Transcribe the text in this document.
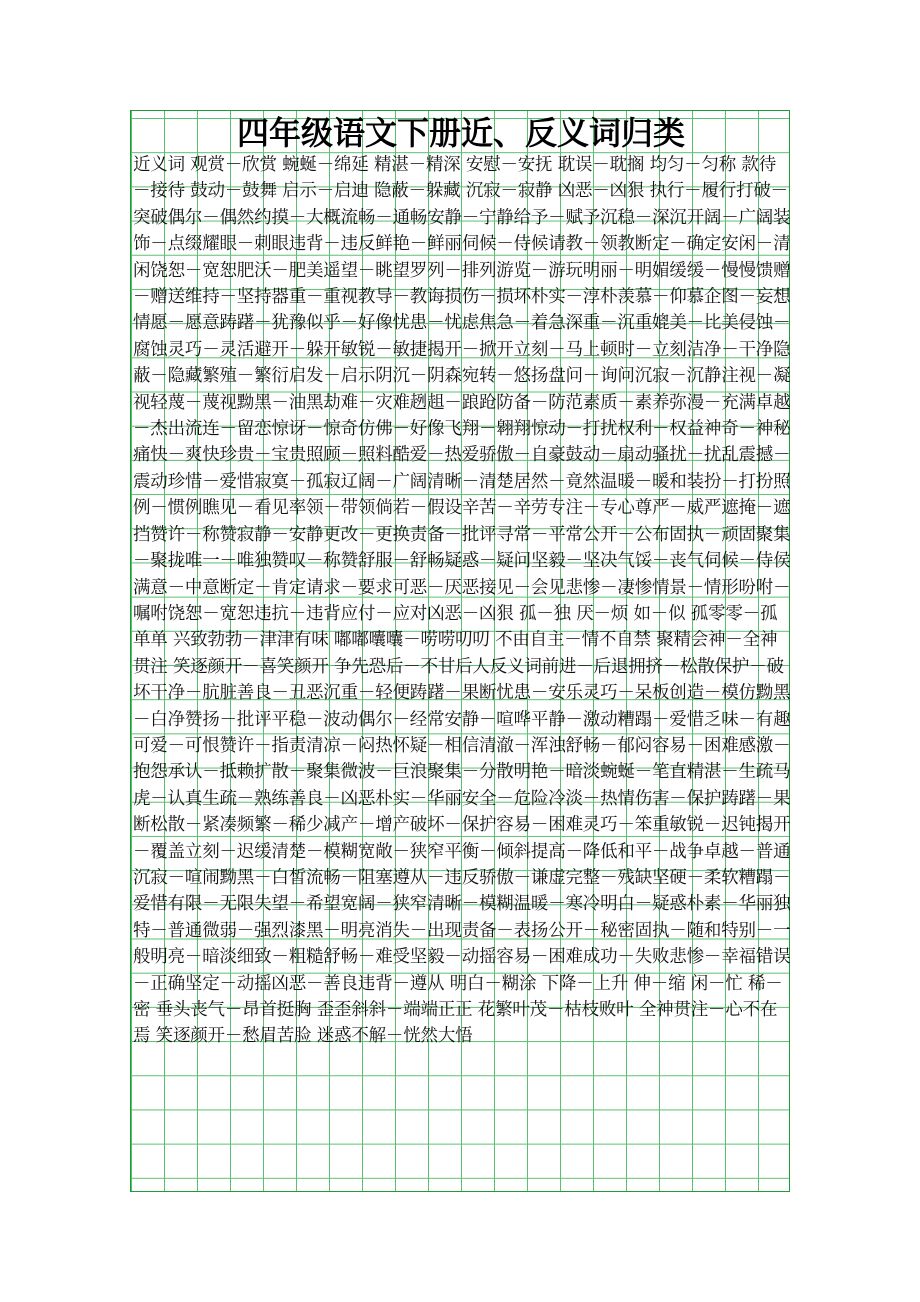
四年级语文下册近、反义词归类
近义词 观赏－欣赏 蜿蜒－绵延 精湛－精深 安慰－安抚 耽误－耽搁 均匀－匀称 款待－接待 鼓动－鼓舞 启示－启迪 隐蔽－躲藏 沉寂－寂静 凶恶－凶狠 执行－履行打破－突破偶尔－偶然约摸－大概流畅－通畅安静－宁静给予－赋予沉稳－深沉开阔－广阔装饰－点缀耀眼－刺眼违背－违反鲜艳－鲜丽伺候－侍候请教－领教断定－确定安闲－清闲饶恕－宽恕肥沃－肥美遥望－眺望罗列－排列游览－游玩明丽－明媚缓缓－慢慢馈赠－赠送维持－坚持器重－重视教导－教诲损伤－损坏朴实－淳朴羡慕－仰慕企图－妄想情愿－愿意踌躇－犹豫似乎－好像忧患－忧虑焦急－着急深重－沉重媲美－比美侵蚀－腐蚀灵巧－灵活避开－躲开敏锐－敏捷揭开－掀开立刻－马上顿时－立刻洁净－干净隐蔽－隐藏繁殖－繁衍启发－启示阴沉－阴森宛转－悠扬盘问－询问沉寂－沉静注视－凝视轻蔑－蔑视黝黑－油黑劫难－灾难趔趄－踉跄防备－防范素质－素养弥漫－充满卓越－杰出流连－留恋惊讶－惊奇仿佛－好像飞翔－翱翔惊动－打扰权利－权益神奇－神秘痛快－爽快珍贵－宝贵照顾－照料酷爱－热爱骄傲－自豪鼓动－扇动骚扰－扰乱震撼－震动珍惜－爱惜寂寞－孤寂辽阔－广阔清晰－清楚居然－竟然温暖－暖和装扮－打扮照例－惯例瞧见－看见率领－带领倘若－假设辛苦－辛劳专注－专心尊严－威严遮掩－遮挡赞许－称赞寂静－安静更改－更换责备－批评寻常－平常公开－公布固执－顽固聚集－聚拢唯一－唯独赞叹－称赞舒服－舒畅疑惑－疑问坚毅－坚决气馁－丧气伺候－侍侯满意－中意断定－肯定请求－要求可恶－厌恶接见－会见悲惨－凄惨情景－情形吩咐－嘱咐饶恕－宽恕违抗－违背应付－应对凶恶－凶狠 孤－独 厌－烦 如－似 孤零零－孤单单 兴致勃勃－津津有味 嘟嘟囔囔－唠唠叨叨 不由自主－情不自禁 聚精会神－全神贯注 笑逐颜开－喜笑颜开 争先恐后－不甘后人反义词前进－后退拥挤－松散保护－破坏干净－肮脏善良－丑恶沉重－轻便踌躇－果断忧患－安乐灵巧－呆板创造－模仿黝黑－白净赞扬－批评平稳－波动偶尔－经常安静－喧哗平静－激动糟蹋－爱惜乏味－有趣可爱－可恨赞许－指责清凉－闷热怀疑－相信清澈－浑浊舒畅－郁闷容易－困难感激－抱怨承认－抵赖扩散－聚集微波－巨浪聚集－分散明艳－暗淡蜿蜒－笔直精湛－生疏马虎－认真生疏－熟练善良－凶恶朴实－华丽安全－危险冷淡－热情伤害－保护踌躇－果断松散－紧凑频繁－稀少减产－增产破坏－保护容易－困难灵巧－笨重敏锐－迟钝揭开－覆盖立刻－迟缓清楚－模糊宽敞－狭窄平衡－倾斜提高－降低和平－战争卓越－普通沉寂－喧闹黝黑－白皙流畅－阻塞遵从－违反骄傲－谦虚完整－残缺坚硬－柔软糟蹋－爱惜有限－无限失望－希望宽阔－狭窄清晰－模糊温暖－寒冷明白－疑惑朴素－华丽独特－普通微弱－强烈漆黑－明亮消失－出现责备－表扬公开－秘密固执－随和特别－一般明亮－暗淡细致－粗糙舒畅－难受坚毅－动摇容易－困难成功－失败悲惨－幸福错误－正确坚定－动摇凶恶－善良违背－遵从 明白－糊涂 下降－上升 伸－缩 闲－忙 稀－密 垂头丧气－昂首挺胸 歪歪斜斜－端端正正 花繁叶茂－枯枝败叶 全神贯注－心不在焉 笑逐颜开－愁眉苦脸 迷惑不解－恍然大悟
